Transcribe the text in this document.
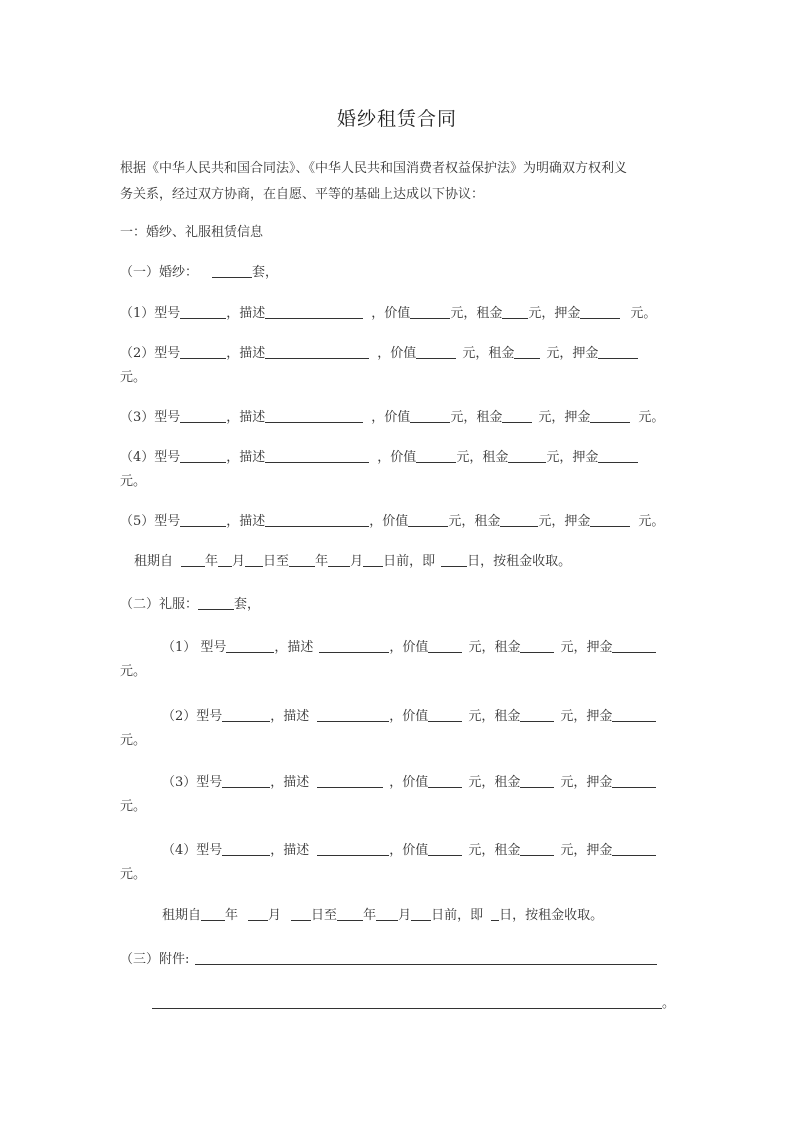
婚纱租赁合同
根据《中华人民共和国合同法》、《中华人民共和国消费者权益保护法》为明确双方权利义
务关系，经过双方协商，在自愿、平等的基础上达成以下协议：
一：婚纱、礼服租赁信息
（一）婚纱：	套，
（1）型号	，描述	，价值	元，租金 元，押金	元。
（2）型号	，描述	，价值	元，租金 元，押金
元。
（3）型号	，描述	，价值	元，租金	元，押金	元。
（4）型号	，描述	，价值	元，租金	元，押金
元。
（5）型号	，描述	，价值	元，租金	元，押金	元。
租期自 年 月 日至 年 月 日前，即 日，按租金收取。
（二）礼服：	套，
（1） 型号	，描述	，价值	元，租金	元，押金
元。
（2）型号	，描述	，价值	元，租金	元，押金
元。
（3）型号	，描述	，价值	元，租金	元，押金
元。
（4）型号	，描述	，价值	元，租金	元，押金
元。
租期自 年 月 日至 年 月 日前，即 日，按租金收取。
（三）附件:
。
